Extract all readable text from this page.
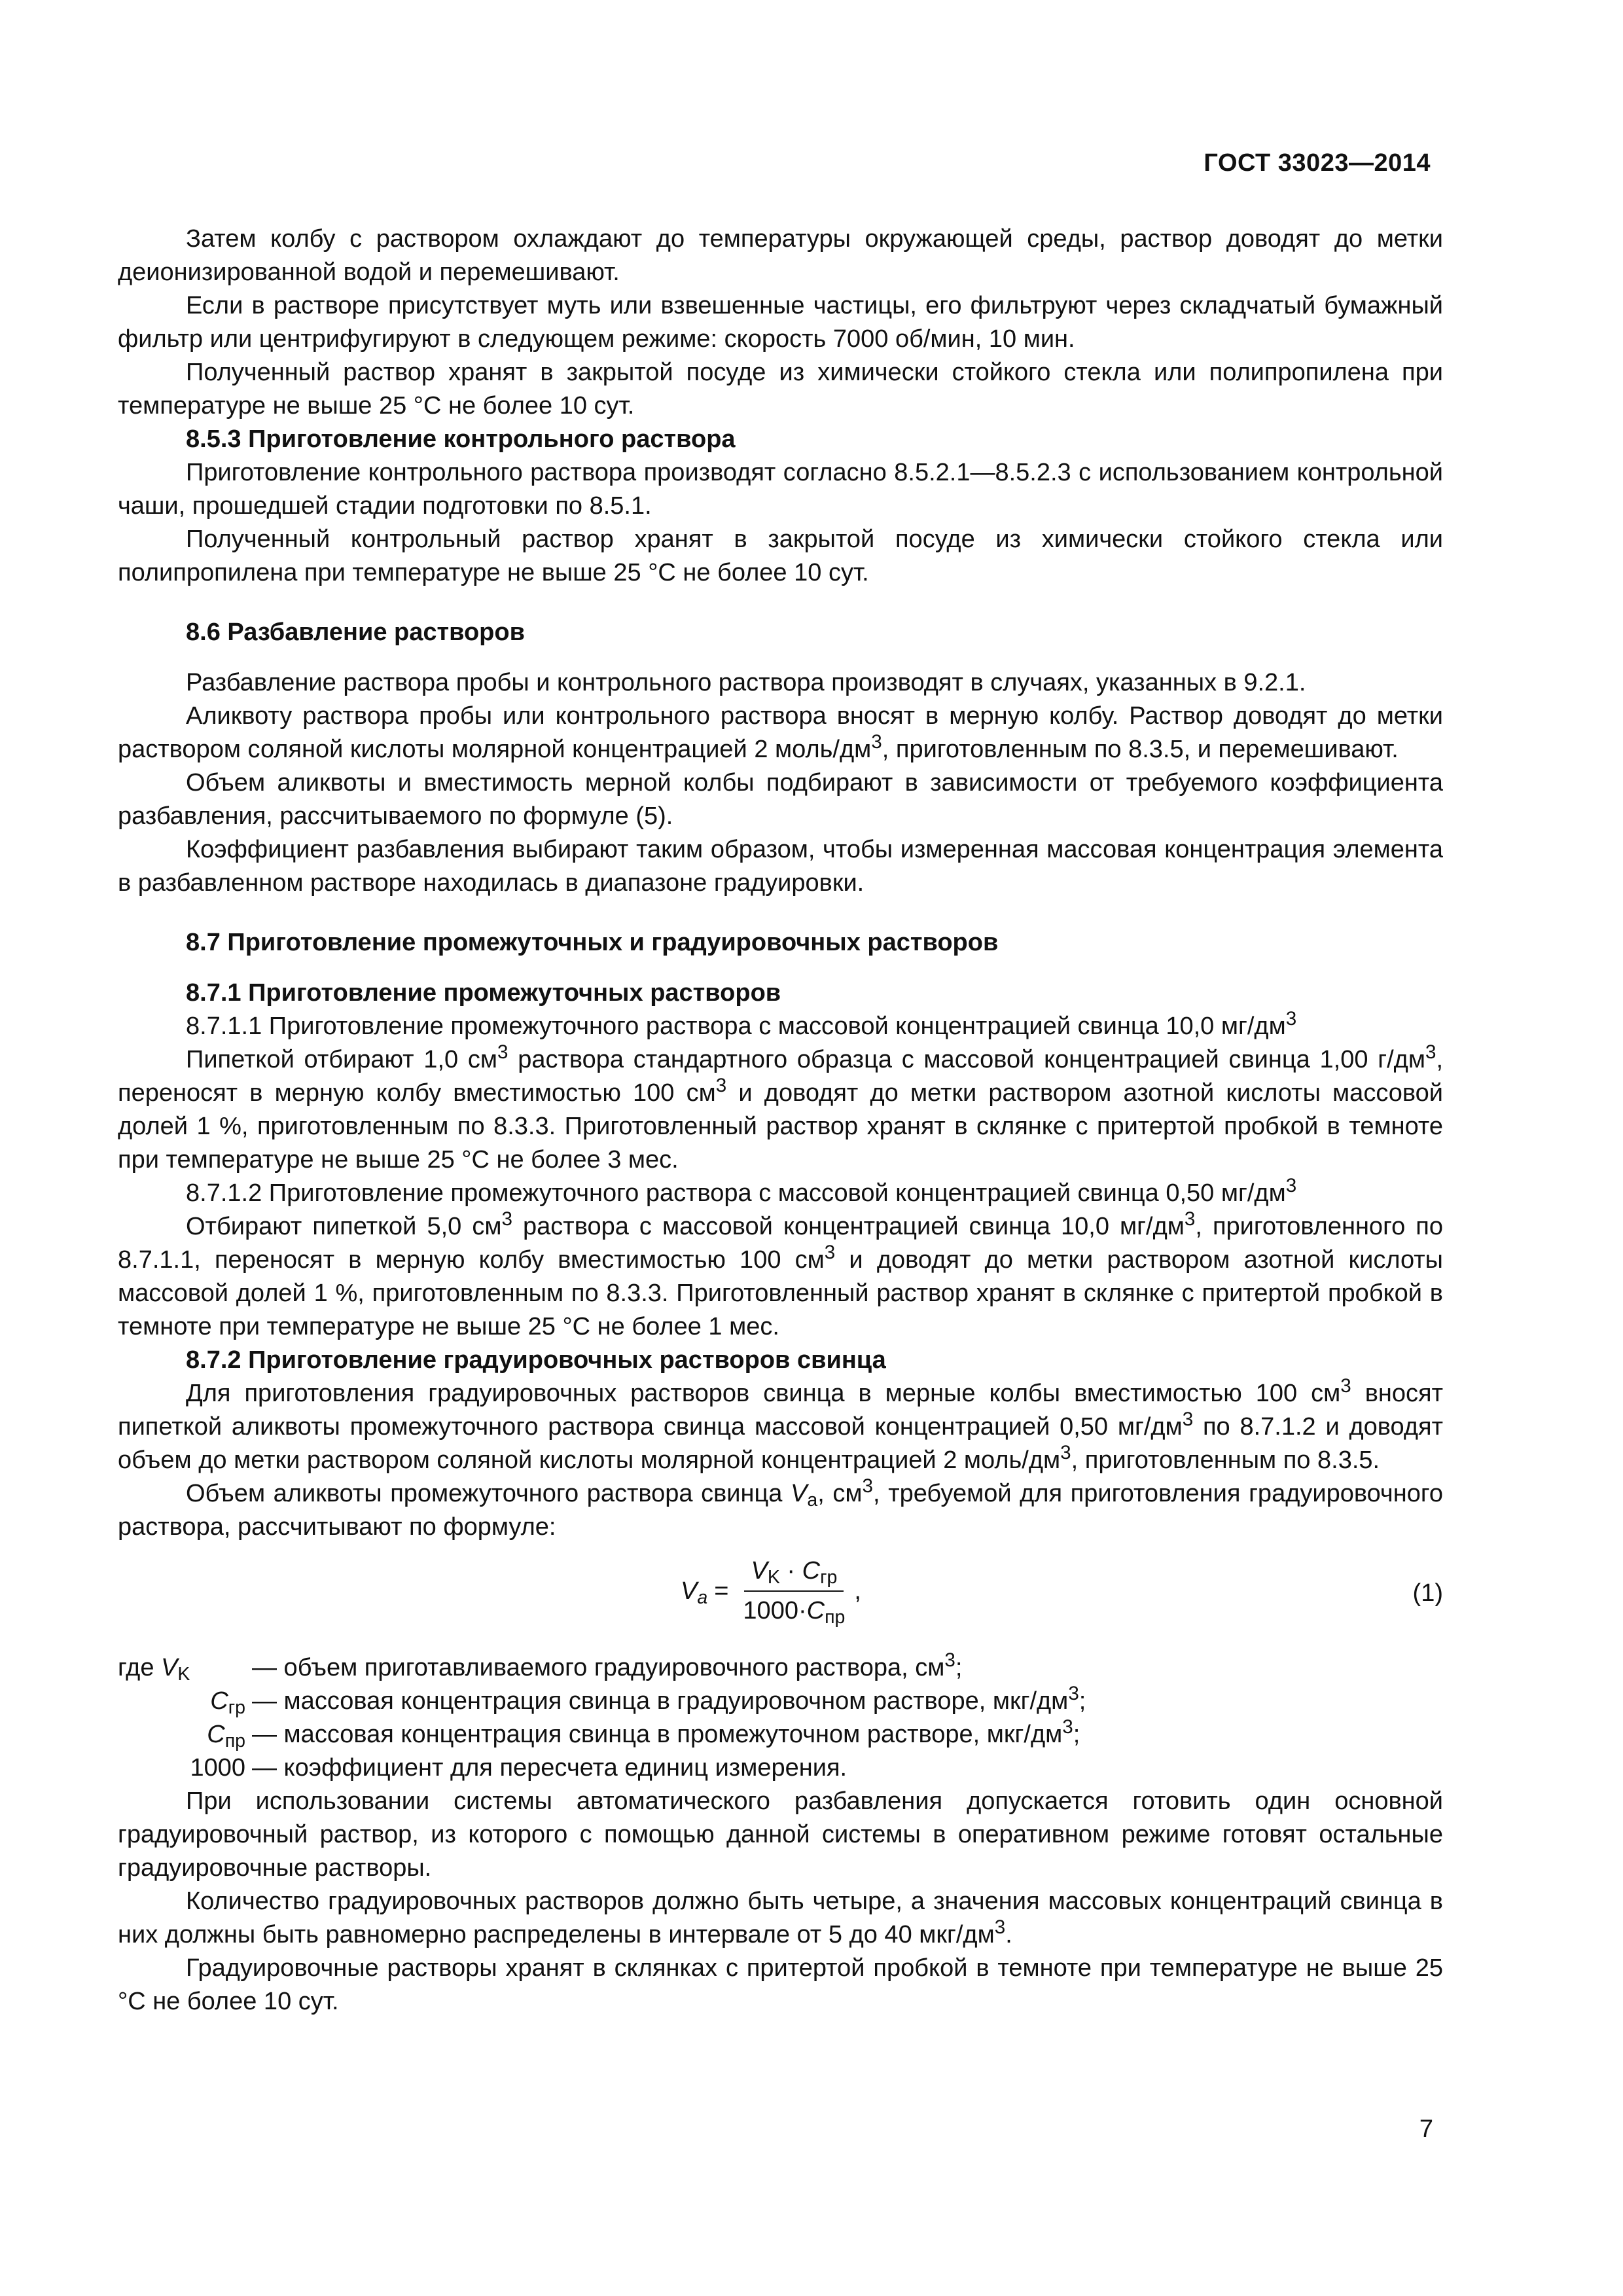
ГОСТ 33023—2014

Затем колбу с раствором охлаждают до температуры окружающей среды, раствор доводят до метки деионизированной водой и перемешивают.

Если в растворе присутствует муть или взвешенные частицы, его фильтруют через складчатый бумажный фильтр или центрифугируют в следующем режиме: скорость 7000 об/мин, 10 мин.

Полученный раствор хранят в закрытой посуде из химически стойкого стекла или полипропилена при температуре не выше 25 °С не более 10 сут.

8.5.3 Приготовление контрольного раствора

Приготовление контрольного раствора производят согласно 8.5.2.1—8.5.2.3 с использованием контрольной чаши, прошедшей стадии подготовки по 8.5.1.

Полученный контрольный раствор хранят в закрытой посуде из химически стойкого стекла или полипропилена при температуре не выше 25 °С не более 10 сут.

8.6 Разбавление растворов

Разбавление раствора пробы и контрольного раствора производят в случаях, указанных в 9.2.1.

Аликвоту раствора пробы или контрольного раствора вносят в мерную колбу. Раствор доводят до метки раствором соляной кислоты молярной концентрацией 2 моль/$дм^3$, приготовленным по 8.3.5, и перемешивают.

Объем аликвоты и вместимость мерной колбы подбирают в зависимости от требуемого коэффициента разбавления, рассчитываемого по формуле (5).

Коэффициент разбавления выбирают таким образом, чтобы измеренная массовая концентрация элемента в разбавленном растворе находилась в диапазоне градуировки.

8.7 Приготовление промежуточных и градуировочных растворов

8.7.1 Приготовление промежуточных растворов

8.7.1.1 Приготовление промежуточного раствора с массовой концентрацией свинца 10,0 $мг/дм^3$

Пипеткой отбирают 1,0 $см^3$ раствора стандартного образца с массовой концентрацией свинца 1,00 $г/дм^3$, переносят в мерную колбу вместимостью 100 $см^3$ и доводят до метки раствором азотной кислоты массовой долей 1 %, приготовленным по 8.3.3. Приготовленный раствор хранят в склянке с притертой пробкой в темноте при температуре не выше 25 °С не более 3 мес.

8.7.1.2 Приготовление промежуточного раствора с массовой концентрацией свинца 0,50 $мг/дм^3$

Отбирают пипеткой 5,0 $см^3$ раствора с массовой концентрацией свинца 10,0 $мг/дм^3$, приготовленного по 8.7.1.1, переносят в мерную колбу вместимостью 100 $см^3$ и доводят до метки раствором азотной кислоты массовой долей 1 %, приготовленным по 8.3.3. Приготовленный раствор хранят в склянке с притертой пробкой в темноте при температуре не выше 25 °С не более 1 мес.

8.7.2 Приготовление градуировочных растворов свинца

Для приготовления градуировочных растворов свинца в мерные колбы вместимостью 100 $см^3$ вносят пипеткой аликвоты промежуточного раствора свинца массовой концентрацией 0,50 $мг/дм^3$ по 8.7.1.2 и доводят объем до метки раствором соляной кислоты молярной концентрацией 2 моль/$дм^3$, приготовленным по 8.3.5.

Объем аликвоты промежуточного раствора свинца $V_а$, $см^3$, требуемой для приготовления градуировочного раствора, рассчитывают по формуле:

$V_а = \frac{V_K \cdot C_{гр}}{1000\cdot C_{пр}}$ ,	(1)
где $V_K$	— объем приготавливаемого градуировочного раствора, $см^3$;
$C_{гр}$ — массовая концентрация свинца в градуировочном растворе, мкг/$дм^3$;
$C_{пр}$ — массовая концентрация свинца в промежуточном растворе, мкг/$дм^3$;
1000 — коэффициент для пересчета единиц измерения.

При использовании системы автоматического разбавления допускается готовить один основной градуировочный раствор, из которого с помощью данной системы в оперативном режиме готовят остальные градуировочные растворы.

Количество градуировочных растворов должно быть четыре, а значения массовых концентраций свинца в них должны быть равномерно распределены в интервале от 5 до 40 мкг/$дм^3$.

Градуировочные растворы хранят в склянках с притертой пробкой в темноте при температуре не выше 25 °С не более 10 сут.

7
